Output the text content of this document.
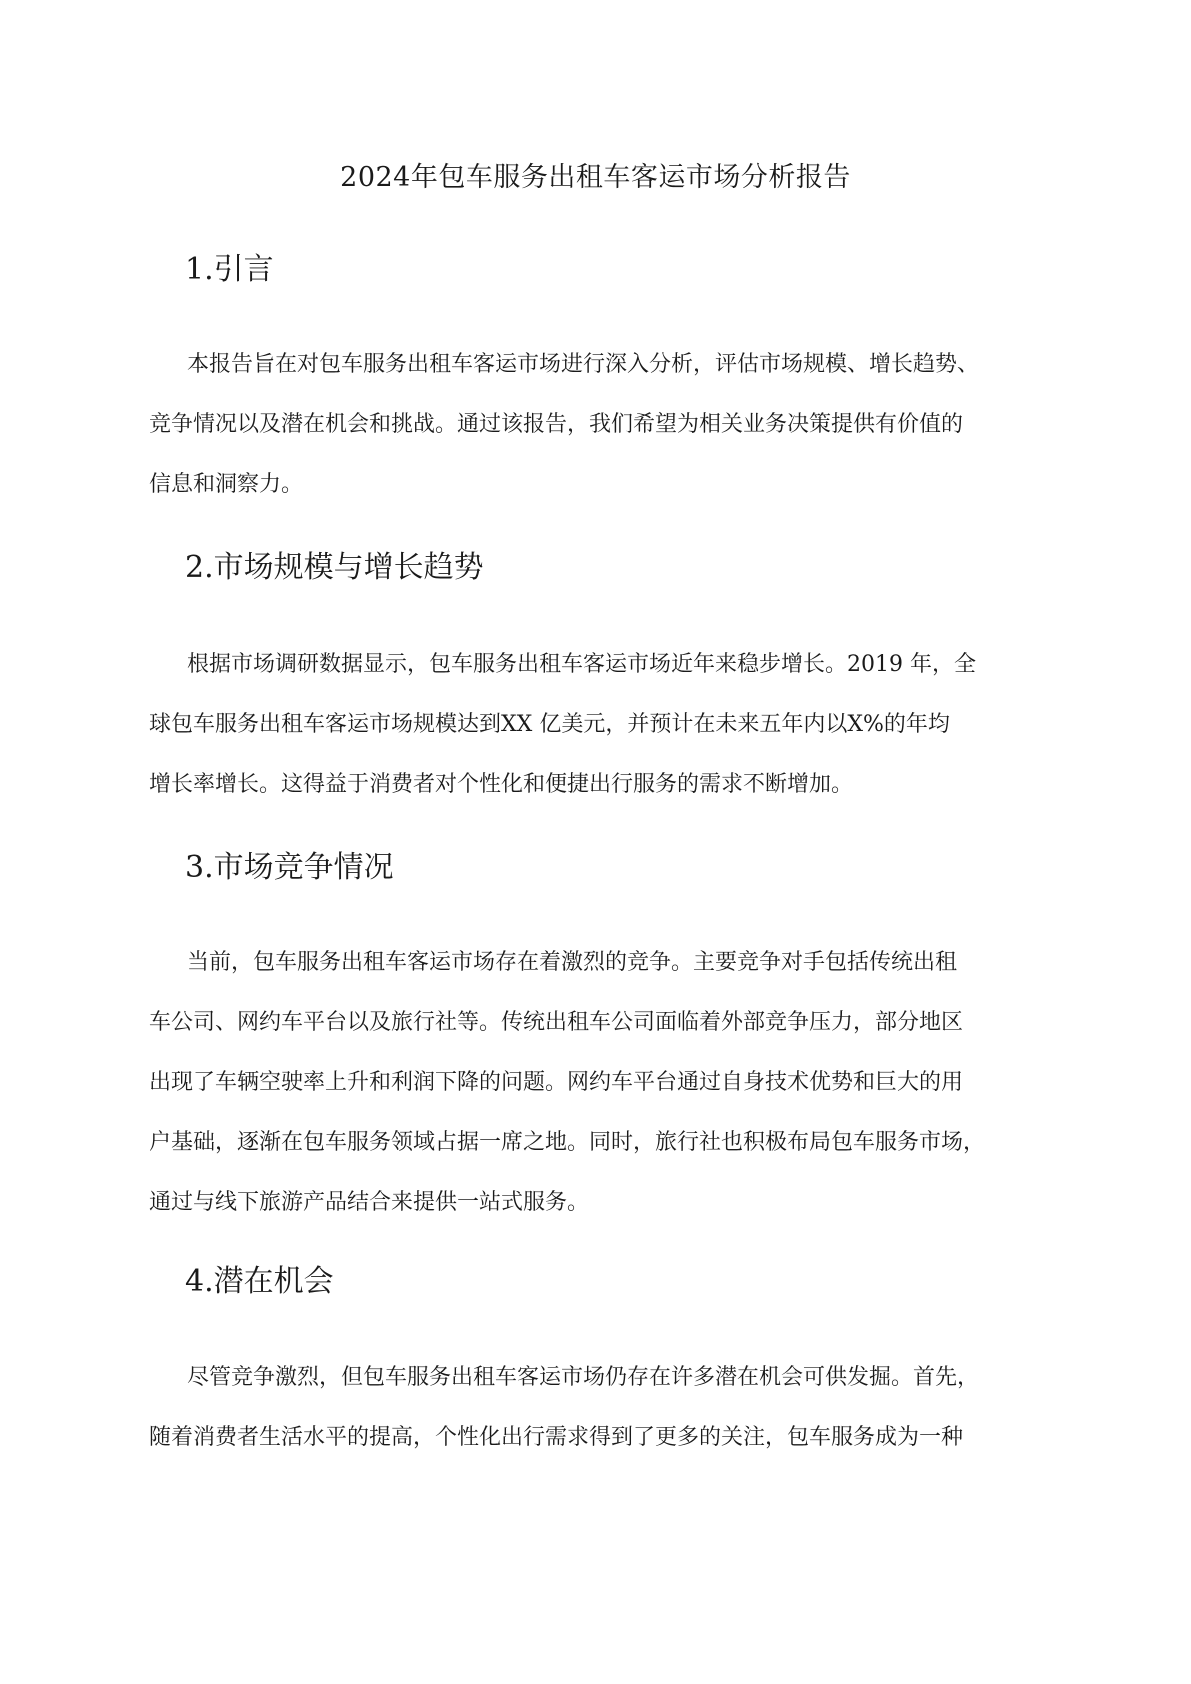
2024年包车服务出租车客运市场分析报告
1.引言
本报告旨在对包车服务出租车客运市场进行深入分析，评估市场规模、增长趋势、
竞争情况以及潜在机会和挑战。通过该报告，我们希望为相关业务决策提供有价值的
信息和洞察力。
2.市场规模与增长趋势
根据市场调研数据显示，包车服务出租车客运市场近年来稳步增长。2019 年，全
球包车服务出租车客运市场规模达到XX 亿美元，并预计在未来五年内以X%的年均
增长率增长。这得益于消费者对个性化和便捷出行服务的需求不断增加。
3.市场竞争情况
当前，包车服务出租车客运市场存在着激烈的竞争。主要竞争对手包括传统出租
车公司、网约车平台以及旅行社等。传统出租车公司面临着外部竞争压力，部分地区
出现了车辆空驶率上升和利润下降的问题。网约车平台通过自身技术优势和巨大的用
户基础，逐渐在包车服务领域占据一席之地。同时，旅行社也积极布局包车服务市场，
通过与线下旅游产品结合来提供一站式服务。
4.潜在机会
尽管竞争激烈，但包车服务出租车客运市场仍存在许多潜在机会可供发掘。首先，
随着消费者生活水平的提高，个性化出行需求得到了更多的关注，包车服务成为一种
